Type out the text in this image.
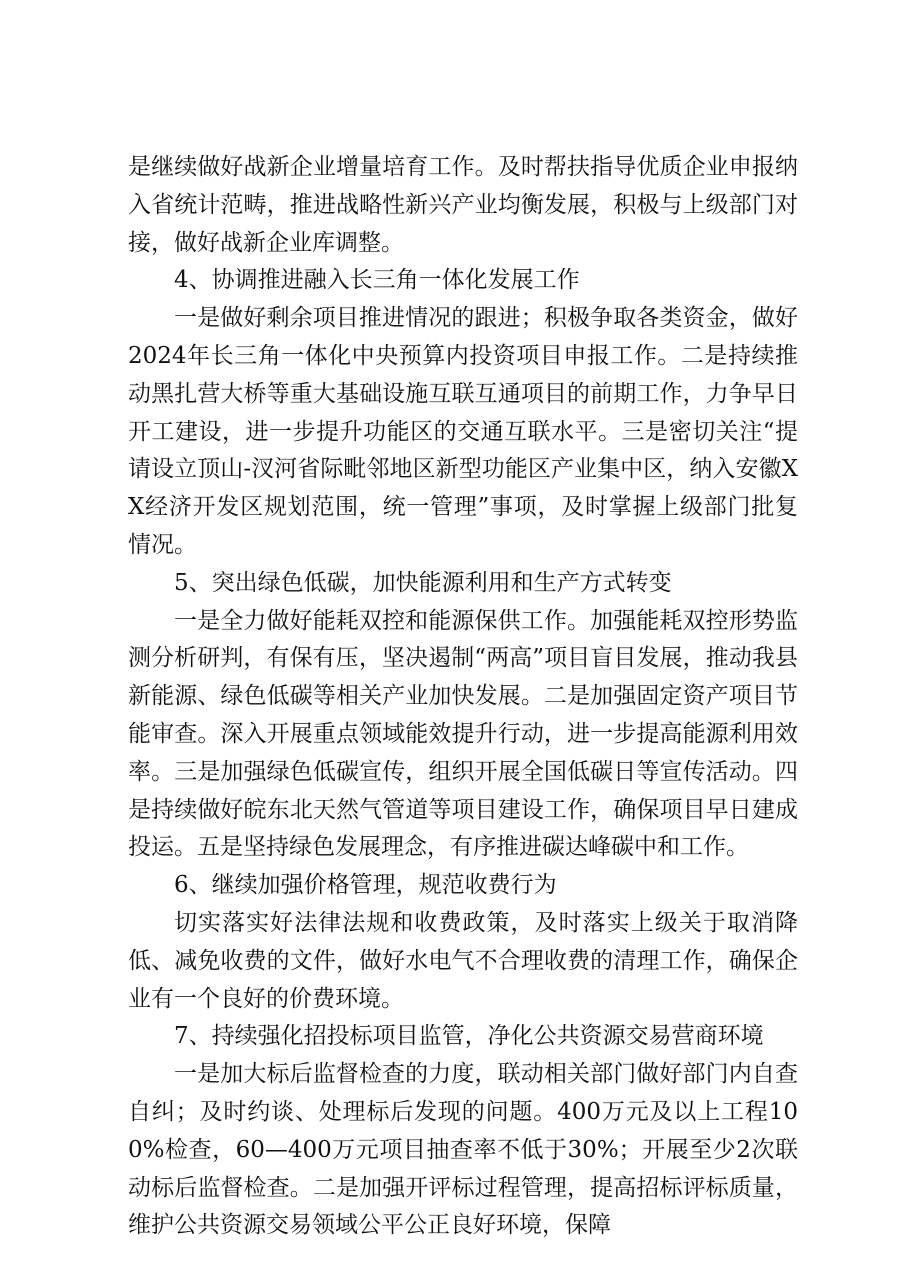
是继续做好战新企业增量培育工作。及时帮扶指导优质企业申报纳入省统计范畴，推进战略性新兴产业均衡发展，积极与上级部门对接，做好战新企业库调整。

4、协调推进融入长三角一体化发展工作

一是做好剩余项目推进情况的跟进；积极争取各类资金，做好2024年长三角一体化中央预算内投资项目申报工作。二是持续推动黑扎营大桥等重大基础设施互联互通项目的前期工作，力争早日开工建设，进一步提升功能区的交通互联水平。三是密切关注“提请设立顶山-汊河省际毗邻地区新型功能区产业集中区，纳入安徽XX经济开发区规划范围，统一管理”事项，及时掌握上级部门批复情况。

5、突出绿色低碳，加快能源利用和生产方式转变

一是全力做好能耗双控和能源保供工作。加强能耗双控形势监测分析研判，有保有压，坚决遏制“两高”项目盲目发展，推动我县新能源、绿色低碳等相关产业加快发展。二是加强固定资产项目节能审查。深入开展重点领域能效提升行动，进一步提高能源利用效率。三是加强绿色低碳宣传，组织开展全国低碳日等宣传活动。四是持续做好皖东北天然气管道等项目建设工作，确保项目早日建成投运。五是坚持绿色发展理念，有序推进碳达峰碳中和工作。

6、继续加强价格管理，规范收费行为

切实落实好法律法规和收费政策，及时落实上级关于取消降低、减免收费的文件，做好水电气不合理收费的清理工作，确保企业有一个良好的价费环境。

7、持续强化招投标项目监管，净化公共资源交易营商环境

一是加大标后监督检查的力度，联动相关部门做好部门内自查自纠；及时约谈、处理标后发现的问题。400万元及以上工程100%检查，60—400万元项目抽查率不低于30%；开展至少2次联动标后监督检查。二是加强开评标过程管理，提高招标评标质量，维护公共资源交易领域公平公正良好环境，保障
